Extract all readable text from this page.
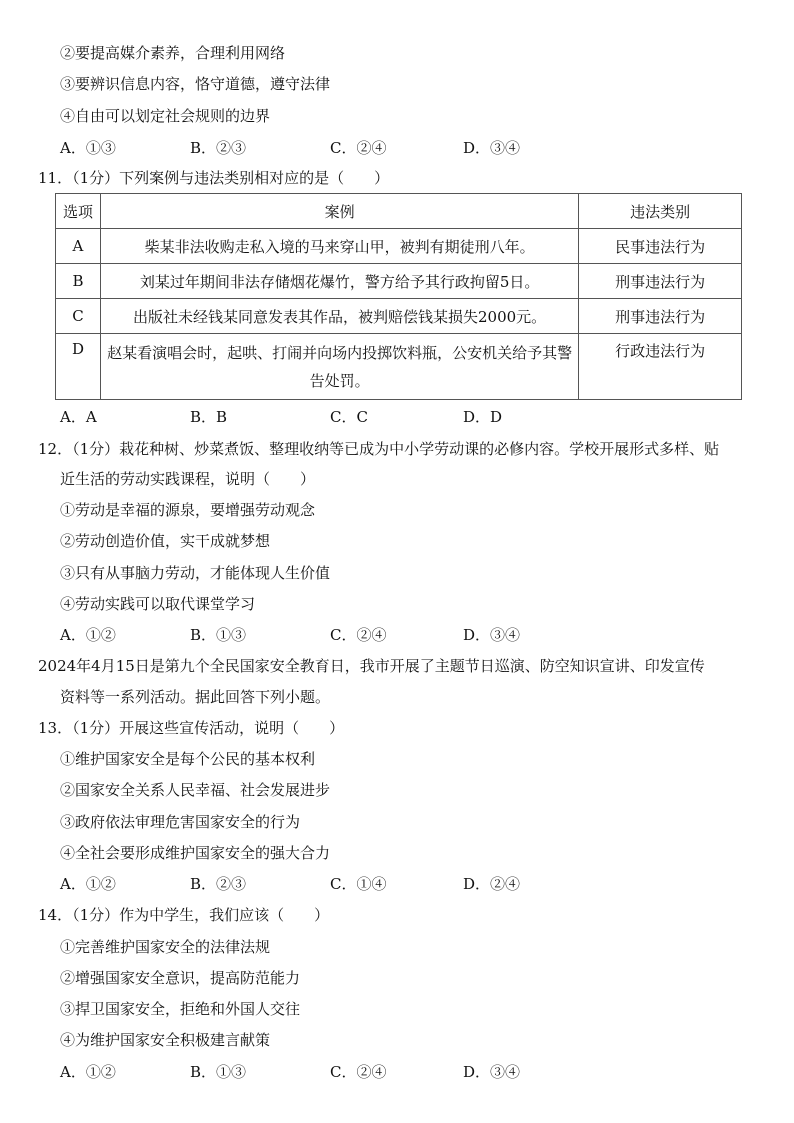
②要提高媒介素养，合理利用网络
③要辨识信息内容，恪守道德，遵守法律
④自由可以划定社会规则的边界
A．①③	B．②③	C．②④	D．③④
11．（1分）下列案例与违法类别相对应的是（　　）
选项	案例	违法类别
A	柴某非法收购走私入境的马来穿山甲，被判有期徒刑八年。	民事违法行为
B	刘某过年期间非法存储烟花爆竹，警方给予其行政拘留5日。	刑事违法行为
C	出版社未经钱某同意发表其作品，被判赔偿钱某损失2000元。	刑事违法行为
D	赵某看演唱会时，起哄、打闹并向场内投掷饮料瓶，公安机关给予其警告处罚。	行政违法行为
A．A	B．B	C．C	D．D
12．（1分）栽花种树、炒菜煮饭、整理收纳等已成为中小学劳动课的必修内容。学校开展形式多样、贴
近生活的劳动实践课程，说明（　　）
①劳动是幸福的源泉，要增强劳动观念
②劳动创造价值，实干成就梦想
③只有从事脑力劳动，才能体现人生价值
④劳动实践可以取代课堂学习
A．①②	B．①③	C．②④	D．③④
2024年4月15日是第九个全民国家安全教育日，我市开展了主题节日巡演、防空知识宣讲、印发宣传
资料等一系列活动。据此回答下列小题。
13．（1分）开展这些宣传活动，说明（　　）
①维护国家安全是每个公民的基本权利
②国家安全关系人民幸福、社会发展进步
③政府依法审理危害国家安全的行为
④全社会要形成维护国家安全的强大合力
A．①②	B．②③	C．①④	D．②④
14．（1分）作为中学生，我们应该（　　）
①完善维护国家安全的法律法规
②增强国家安全意识，提高防范能力
③捍卫国家安全，拒绝和外国人交往
④为维护国家安全积极建言献策
A．①②	B．①③	C．②④	D．③④
